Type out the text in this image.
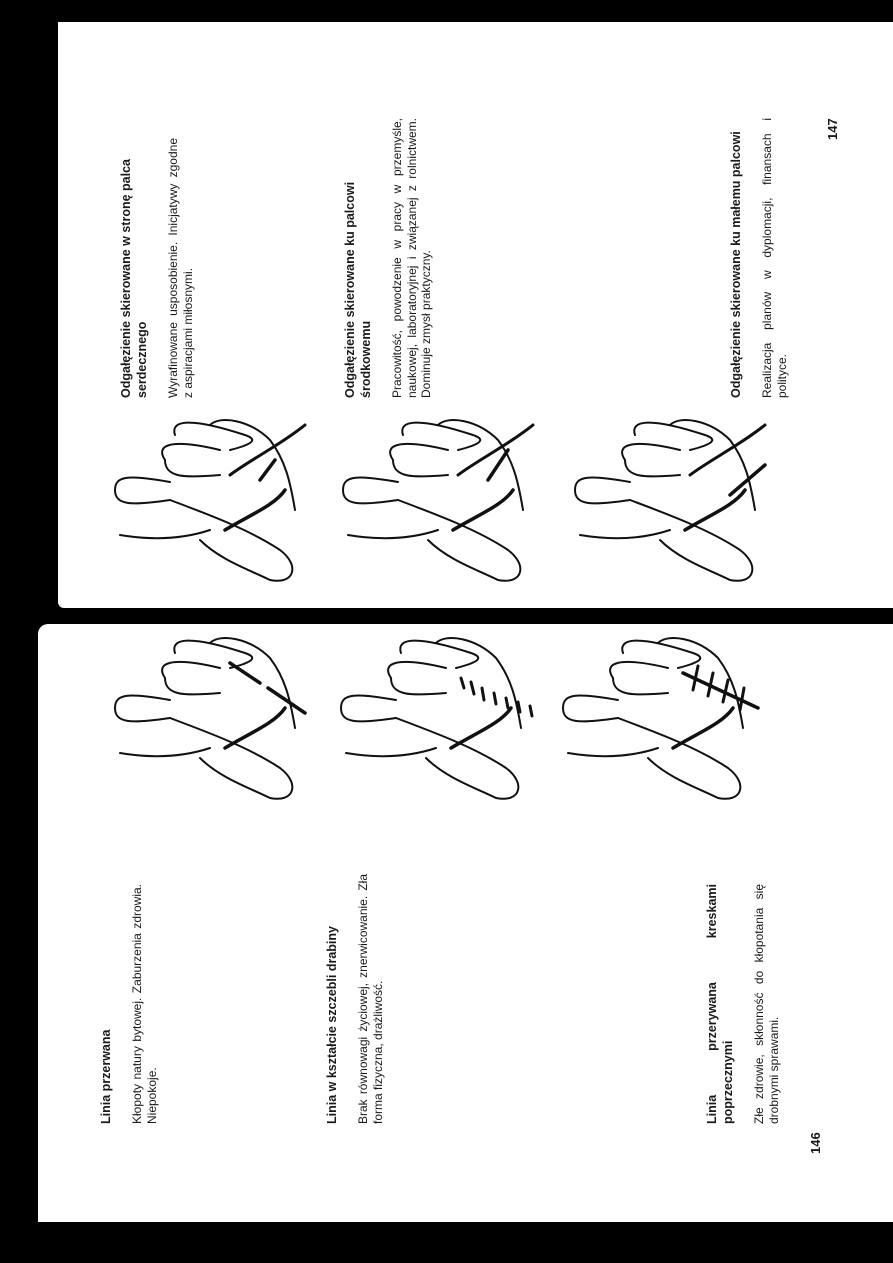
Odgałęzienie skierowane w stronę palca serdecznego Wyrafinowane usposobienie. Inicjatywy zgodne z aspiracjami miłosnymi.	Odgałęzienie skierowane ku palcowi środkowemu Pracowitość, powodzenie w pracy w przemyśle, naukowej, laboratoryjnej i związanej z rolnictwem. Dominuje zmysł praktyczny.	Odgałęzienie skierowane ku małemu palcowi Realizacja planów w dyplomacji, finansach i polityce.

147
Linia przerwana Kłopoty natury bytowej. Zaburzenia zdrowia. Niepokoje.	Linia w kształcie szczebli drabiny Brak równowagi życiowej, znerwicowanie. Zła forma fizyczna, drażliwość.	Linia przerywana kreskami poprzecznymi Złe zdrowie, skłonność do kłopotania się drobnymi sprawami.

146
